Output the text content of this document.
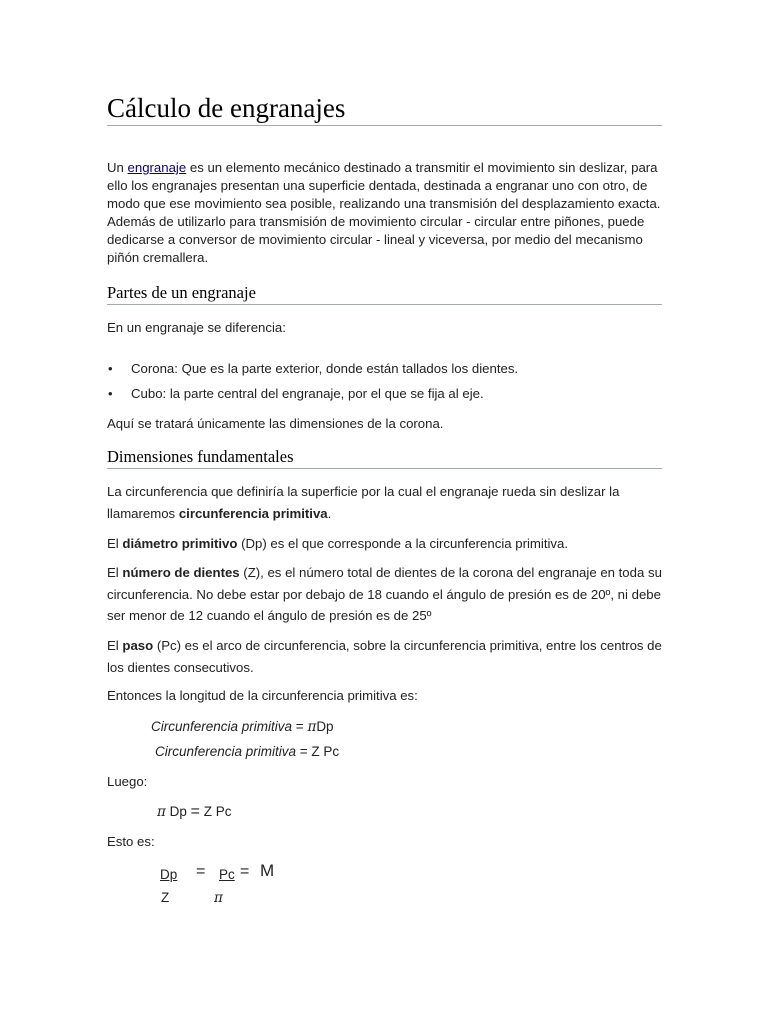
Cálculo de engranajes

Un engranaje es un elemento mecánico destinado a transmitir el movimiento sin deslizar, para ello los engranajes presentan una superficie dentada, destinada a engranar uno con otro, de modo que ese movimiento sea posible, realizando una transmisión del desplazamiento exacta. Además de utilizarlo para transmisión de movimiento circular - circular entre piñones, puede dedicarse a conversor de movimiento circular - lineal y viceversa, por medio del mecanismo piñón cremallera.

Partes de un engranaje

En un engranaje se diferencia:

• Corona: Que es la parte exterior, donde están tallados los dientes.
• Cubo: la parte central del engranaje, por el que se fija al eje.

Aquí se tratará únicamente las dimensiones de la corona.

Dimensiones fundamentales

La circunferencia que definiría la superficie por la cual el engranaje rueda sin deslizar la llamaremos circunferencia primitiva.

El diámetro primitivo (Dp) es el que corresponde a la circunferencia primitiva.

El número de dientes (Z), es el número total de dientes de la corona del engranaje en toda su circunferencia. No debe estar por debajo de 18 cuando el ángulo de presión es de 20º, ni debe ser menor de 12 cuando el ángulo de presión es de 25º

El paso (Pc) es el arco de circunferencia, sobre la circunferencia primitiva, entre los centros de los dientes consecutivos.

Entonces la longitud de la circunferencia primitiva es:

Circunferencia primitiva = πDp
Circunferencia primitiva = Z Pc

Luego:

π Dp = Z Pc

Esto es:

Dp
Z
=	Pc
π
= M
